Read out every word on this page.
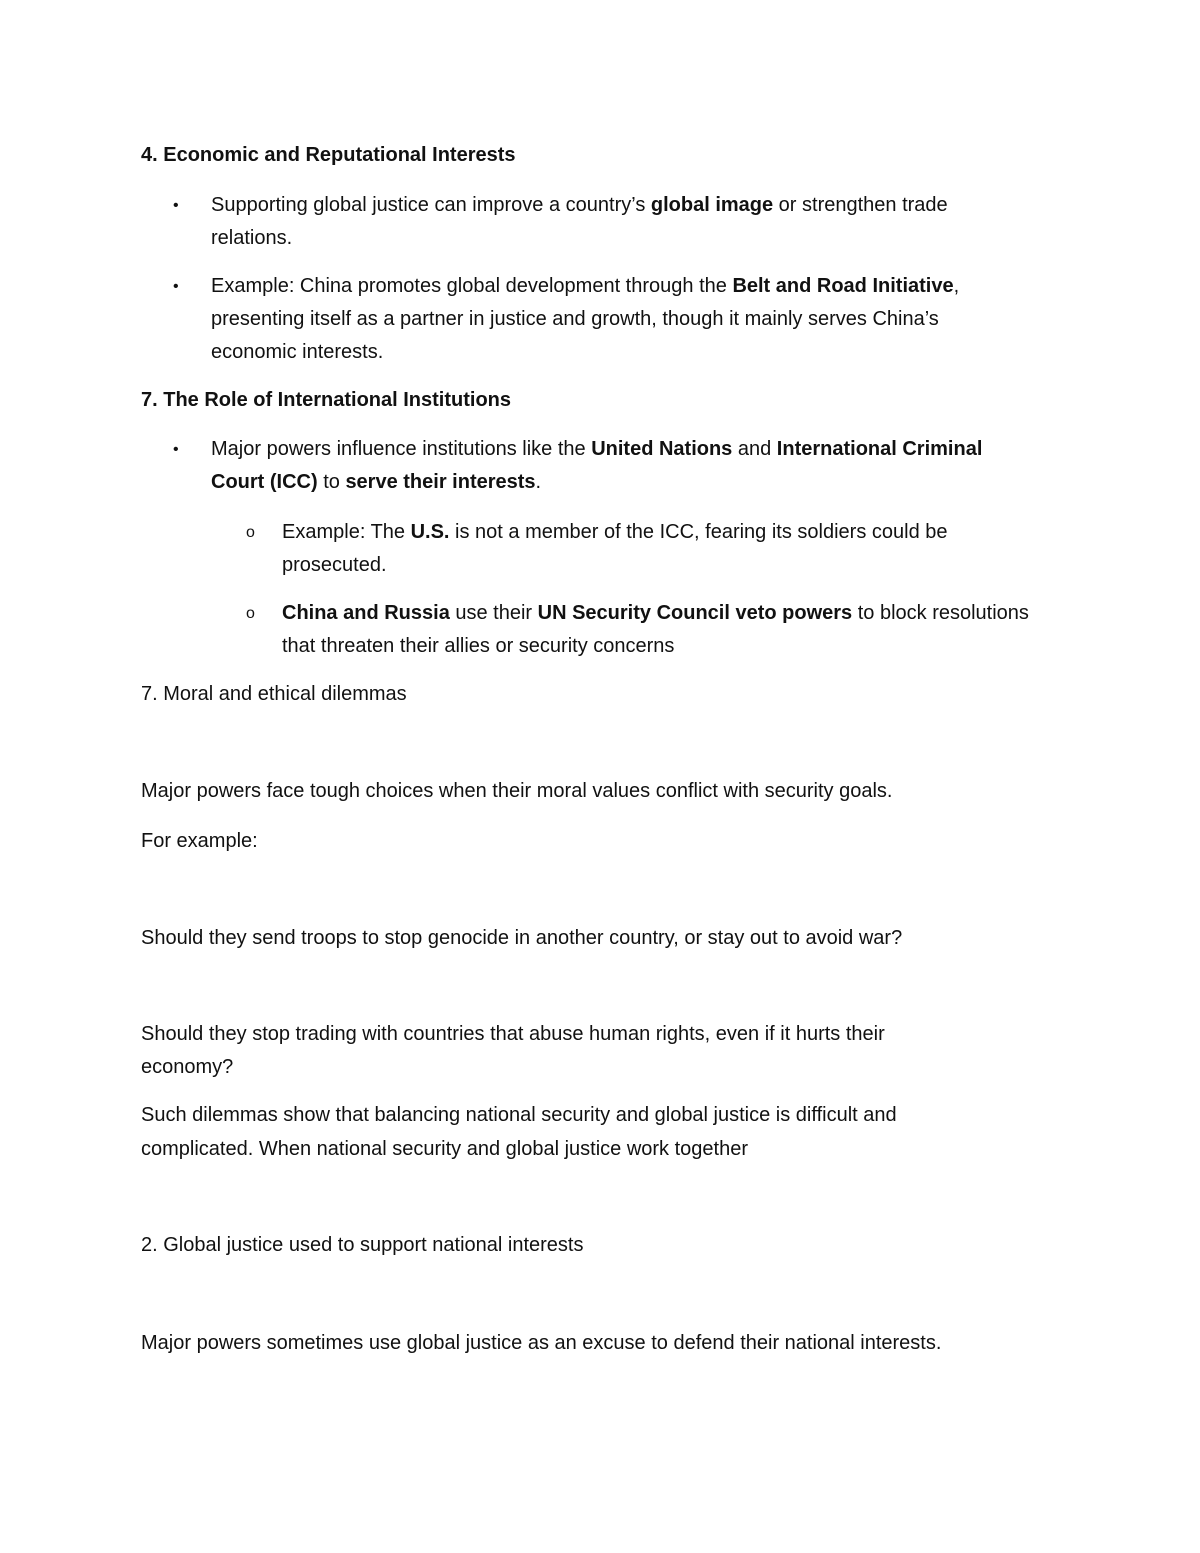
4. Economic and Reputational Interests
• Supporting global justice can improve a country’s global image or strengthen trade
relations.
• Example: China promotes global development through the Belt and Road Initiative,
presenting itself as a partner in justice and growth, though it mainly serves China’s
economic interests.
7. The Role of International Institutions
• Major powers influence institutions like the United Nations and International Criminal
Court (ICC) to serve their interests.
o Example: The U.S. is not a member of the ICC, fearing its soldiers could be
prosecuted.
o China and Russia use their UN Security Council veto powers to block resolutions
that threaten their allies or security concerns
7. Moral and ethical dilemmas
Major powers face tough choices when their moral values conflict with security goals.
For example:
Should they send troops to stop genocide in another country, or stay out to avoid war?
Should they stop trading with countries that abuse human rights, even if it hurts their
economy?
Such dilemmas show that balancing national security and global justice is difficult and
complicated. When national security and global justice work together
2. Global justice used to support national interests
Major powers sometimes use global justice as an excuse to defend their national interests.
